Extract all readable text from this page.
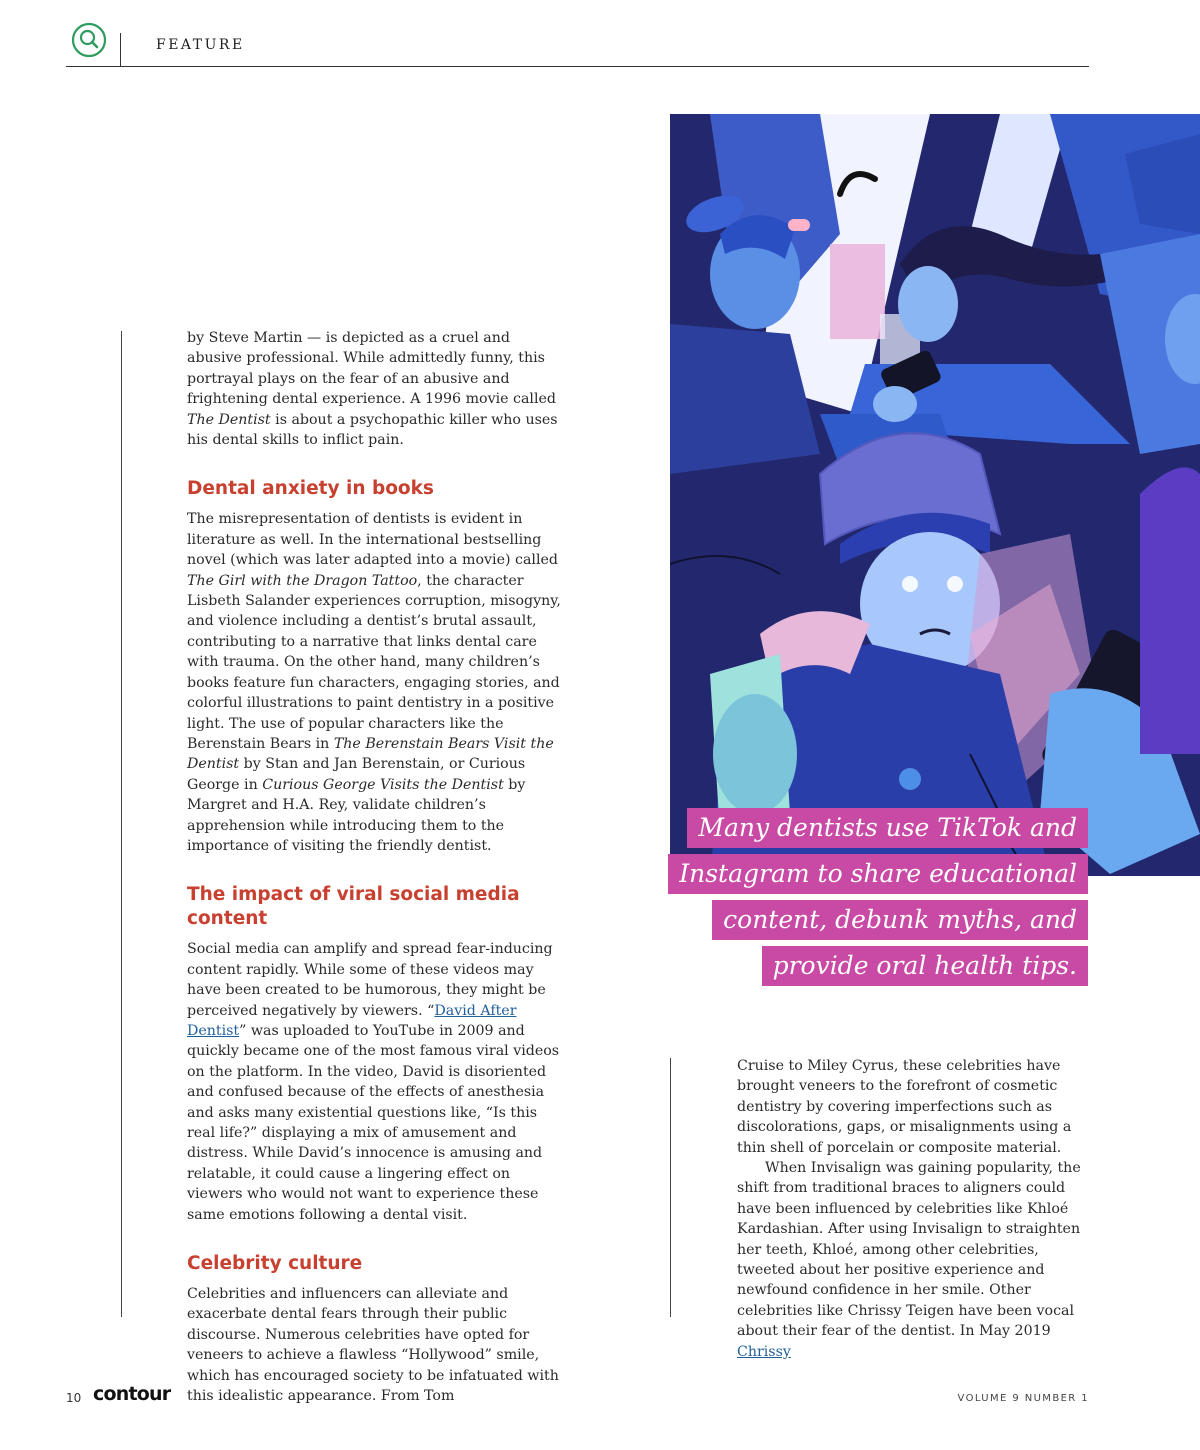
FEATURE

by Steve Martin — is depicted as a cruel and abusive professional. While admittedly funny, this portrayal plays on the fear of an abusive and frightening dental experience. A 1996 movie called The Dentist is about a psychopathic killer who uses his dental skills to inflict pain.

Dental anxiety in books

The misrepresentation of dentists is evident in literature as well. In the international bestselling novel (which was later adapted into a movie) called The Girl with the Dragon Tattoo, the character Lisbeth Salander experiences corruption, misogyny, and violence including a dentist’s brutal assault, contributing to a narrative that links dental care with trauma. On the other hand, many children’s books feature fun characters, engaging stories, and colorful illustrations to paint dentistry in a positive light. The use of popular characters like the Berenstain Bears in The Berenstain Bears Visit the Dentist by Stan and Jan Berenstain, or Curious George in Curious George Visits the Dentist by Margret and H.A. Rey, validate children’s apprehension while introducing them to the importance of visiting the friendly dentist.

The impact of viral social media content

Social media can amplify and spread fear-inducing content rapidly. While some of these videos may have been created to be humorous, they might be perceived negatively by viewers. “David After Dentist” was uploaded to YouTube in 2009 and quickly became one of the most famous viral videos on the platform. In the video, David is disoriented and confused because of the effects of anesthesia and asks many existential questions like, “Is this real life?” displaying a mix of amusement and distress. While David’s innocence is amusing and relatable, it could cause a lingering effect on viewers who would not want to experience these same emotions following a dental visit.

Celebrity culture

Celebrities and influencers can alleviate and exacerbate dental fears through their public discourse. Numerous celebrities have opted for veneers to achieve a flawless “Hollywood” smile, which has encouraged society to be infatuated with this idealistic appearance. From Tom

Many dentists use TikTok and
Instagram to share educational
content, debunk myths, and
provide oral health tips.

Cruise to Miley Cyrus, these celebrities have brought veneers to the forefront of cosmetic dentistry by covering imperfections such as discolorations, gaps, or misalignments using a thin shell of porcelain or composite material.

When Invisalign was gaining popularity, the shift from traditional braces to aligners could have been influenced by celebrities like Khloé Kardashian. After using Invisalign to straighten her teeth, Khloé, among other celebrities, tweeted about her positive experience and newfound confidence in her smile. Other celebrities like Chrissy Teigen have been vocal about their fear of the dentist. In May 2019 Chrissy

10 contour	VOLUME 9 NUMBER 1
